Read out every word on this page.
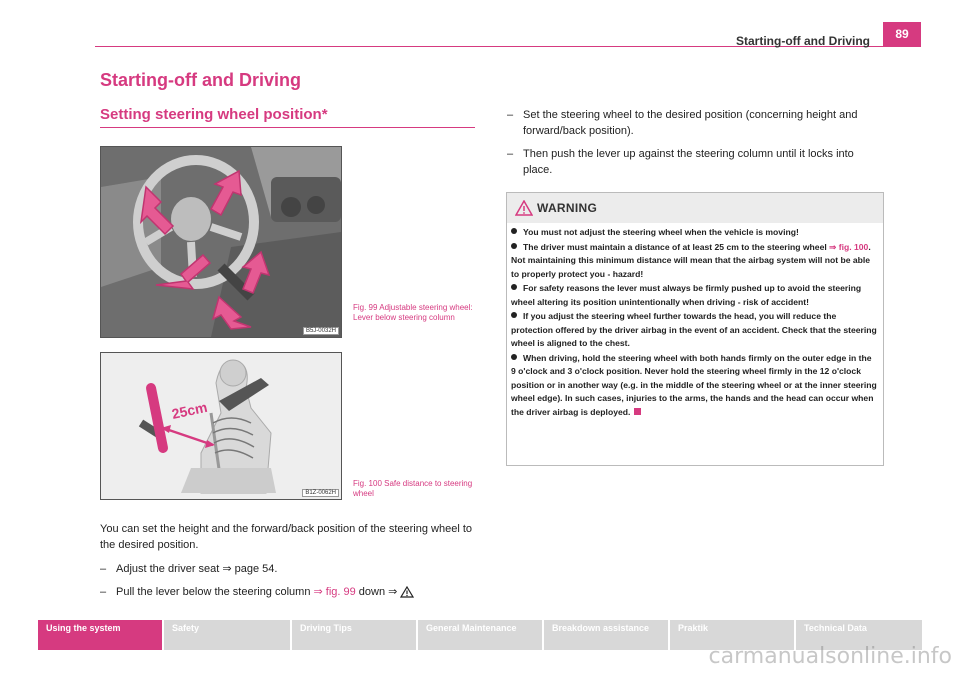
Starting-off and Driving	89
Starting-off and Driving
Setting steering wheel position*
B5J-0032H
Fig. 99 Adjustable steering wheel: Lever below steering column
25cm
B1Z-0062H
Fig. 100 Safe distance to steering wheel
You can set the height and the forward/back position of the steering wheel to the desired position.
– Adjust the driver seat ⇒ page 54.
– Pull the lever below the steering column ⇒ fig. 99 down ⇒
– Set the steering wheel to the desired position (concerning height and forward/back position).
– Then push the lever up against the steering column until it locks into place.
WARNING

You must not adjust the steering wheel when the vehicle is moving!

The driver must maintain a distance of at least 25 cm to the steering wheel ⇒ fig. 100. Not maintaining this minimum distance will mean that the airbag system will not be able to properly protect you - hazard!

For safety reasons the lever must always be firmly pushed up to avoid the steering wheel altering its position unintentionally when driving - risk of accident!

If you adjust the steering wheel further towards the head, you will reduce the protection offered by the driver airbag in the event of an accident. Check that the steering wheel is aligned to the chest.

When driving, hold the steering wheel with both hands firmly on the outer edge in the 9 o'clock and 3 o'clock position. Never hold the steering wheel firmly in the 12 o'clock position or in another way (e.g. in the middle of the steering wheel or at the inner steering wheel edge). In such cases, injuries to the arms, the hands and the head can occur when the driver airbag is deployed.

Using the system	Safety	Driving Tips	General Maintenance	Breakdown assistance	Praktik	Technical Data
carmanualsonline.info
